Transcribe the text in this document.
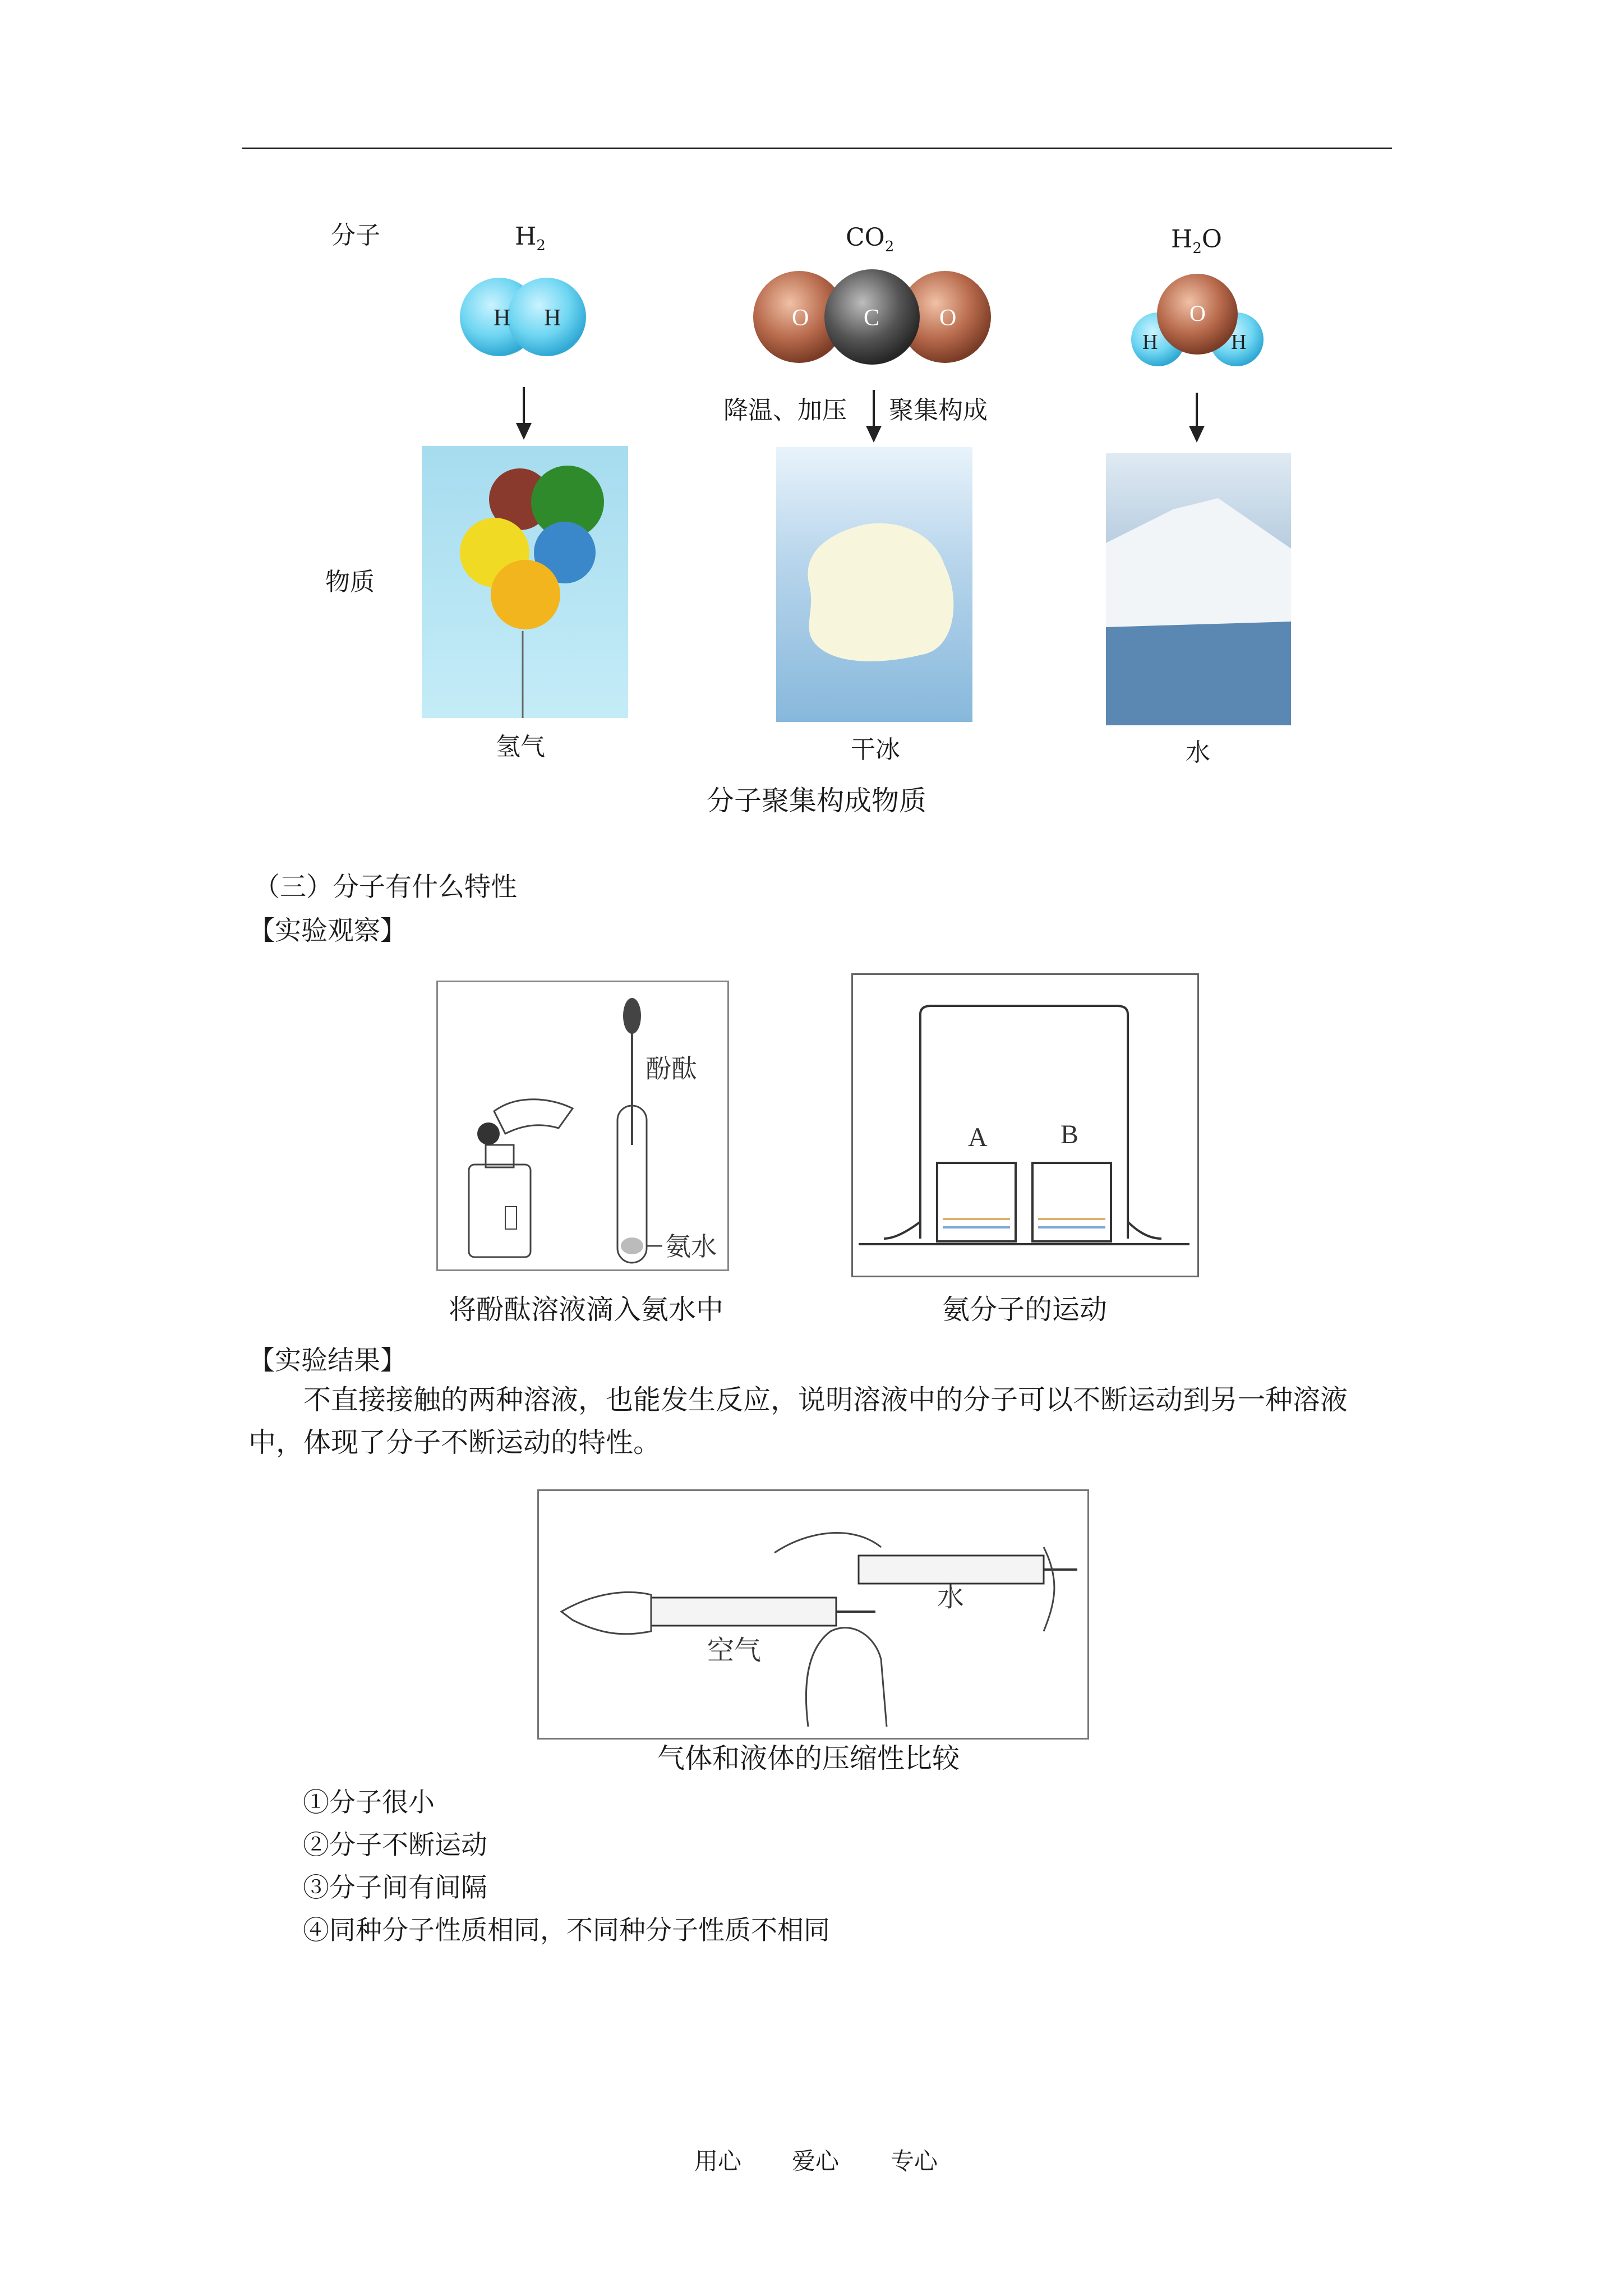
分子
物质
$H_2$
H H
氢气
$CO_2$
O C	O
降温、加压 聚集构成
干冰
$H_2O$
O
H	H
水
分子聚集构成物质
（三）分子有什么特性
【实验观察】
酚酞
氨水
将酚酞溶液滴入氨水中
A	B
氨分子的运动
【实验结果】
不直接接触的两种溶液，也能发生反应，说明溶液中的分子可以不断运动到另一种溶液中，体现了分子不断运动的特性。
空气
水
气体和液体的压缩性比较
①分子很小
②分子不断运动
③分子间有间隔
④同种分子性质相同，不同种分子性质不相同
用心 爱心 专心
